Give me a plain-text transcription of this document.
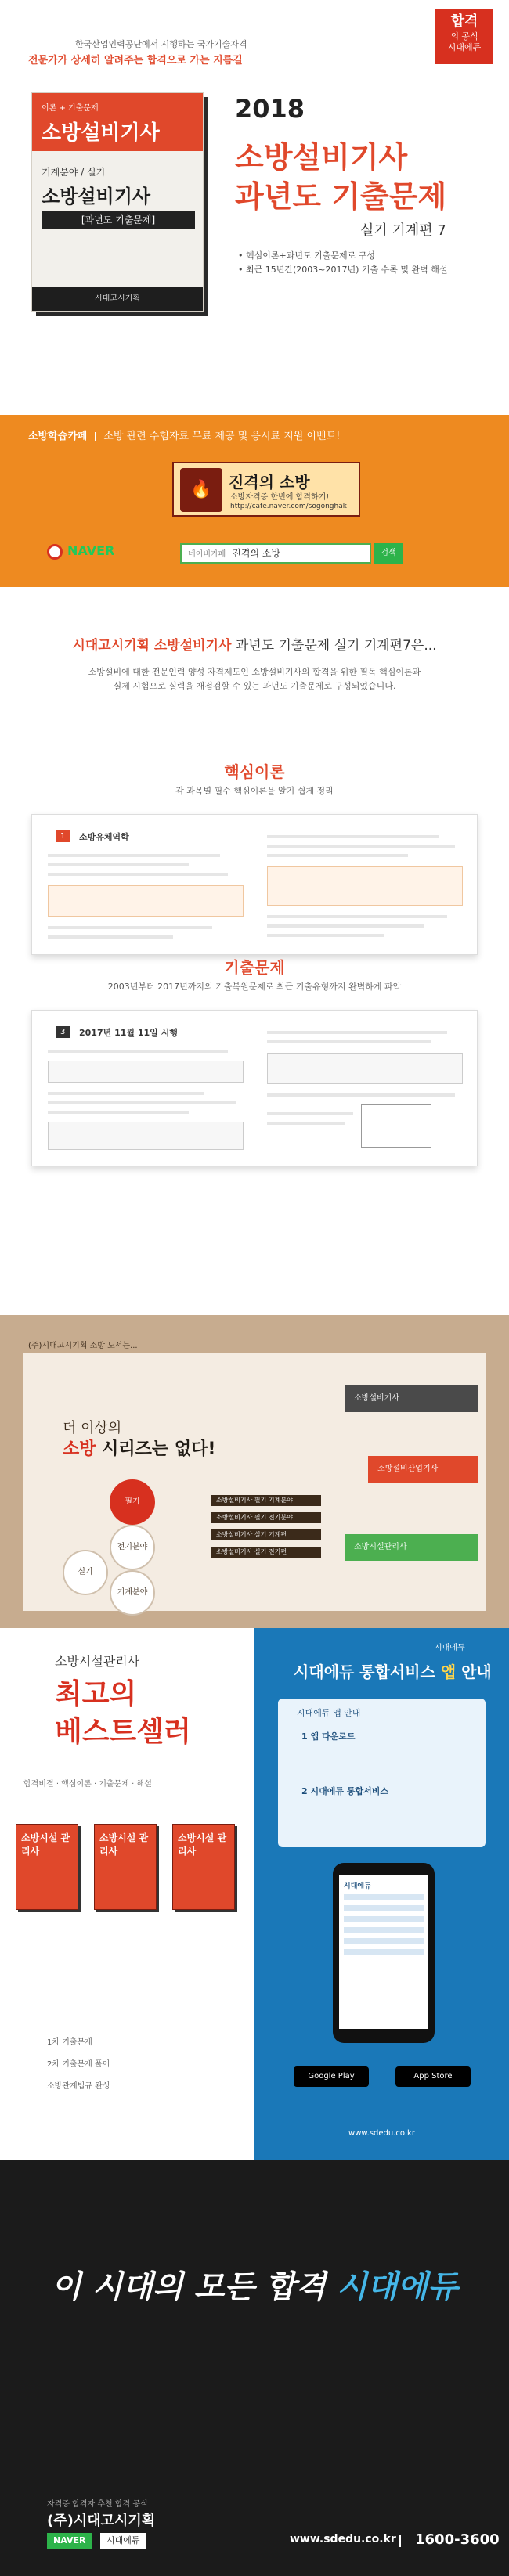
한국산업인력공단에서 시행하는 국가기술자격
전문가가 상세히 알려주는 합격으로 가는 지름길
합격
의 공식
시대에듀
이론 + 기출문제
소방설비기사
기계분야 / 실기
소방설비기사
[과년도 기출문제]
시대고시기획
2018
소방설비기사
과년도 기출문제
실기 기계편 7
• 핵심이론+과년도 기출문제로 구성
• 최근 15년간(2003~2017년) 기출 수록 및 완벽 해설
소방학습카페 소방 관련 수험자료 무료 제공 및 응시료 지원 이벤트!
🔥	진격의 소방
소방자격증 한번에 합격하기!
http://cafe.naver.com/sogonghak
NAVER	네이버카페 진격의 소방	검색
시대고시기획 소방설비기사 과년도 기출문제 실기 기계편7은...
소방설비에 대한 전문인력 양성 자격제도인 소방설비기사의 합격을 위한 필독 핵심이론과
실제 시험으로 실력을 재점검할 수 있는 과년도 기출문제로 구성되었습니다.
핵심이론
각 과목별 필수 핵심이론을 알기 쉽게 정리
1	소방유체역학
기출문제
2003년부터 2017년까지의 기출복원문제로 최근 기출유형까지 완벽하게 파악
3	2017년 11월 11일 시행
(주)시대고시기획 소방 도서는...
더 이상의
소방 시리즈는 없다!
필기
전기분야
기계분야
실기
소방설비기사
소방설비산업기사
소방시설관리사
소방설비기사 필기 기계분야
소방설비기사 필기 전기분야
소방설비기사 실기 기계편
소방설비기사 실기 전기편
소방시설관리사
최고의
베스트셀러
합격비결 · 핵심이론 · 기출문제 · 해설
소방시설 관리사
소방시설 관리사
소방시설 관리사
1차 기출문제
2차 기출문제 풀이
소방관계법규 완성
시대에듀
시대에듀 통합서비스 앱 안내
시대에듀 앱 안내
1 앱 다운로드
2 시대에듀 통합서비스
시대에듀
Google Play	App Store
www.sdedu.co.kr
이 시대의 모든 합격 시대에듀
자격증 합격자 추천 합격 공식
(주)시대고시기획
NAVER	시대에듀	www.sdedu.co.kr 1600-3600
